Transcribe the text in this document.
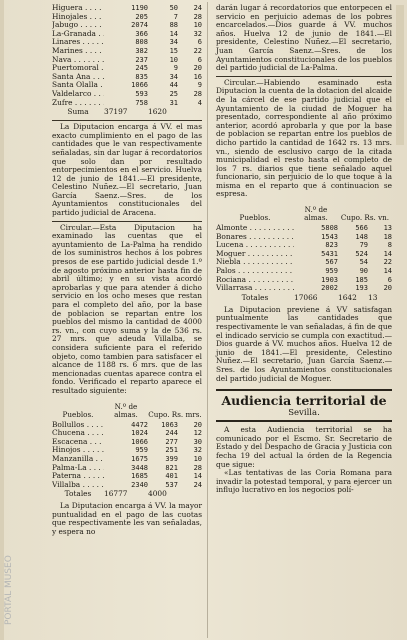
Higuera . . .	1190	50	24
Hinojales . . .	205	7	28
Jabugo . . .	2074	88	10
La-Granada . . .	366	14	32
Linares . . .	808	34	6
Marines . . .	382	15	22
Nava . . .	237	10	6
Puertomoral . . .	245	9	20
Santa Ana . . .	835	34	16
Santa Olalla . . .	1066	44	9
Valdelarco . . .	593	25	28
Zufre . . .	758	31	4
Suma	37197	1620

La Diputacion encarga á VV. el mas exacto cumplimiento en el pago de las cantidades que le van respectivamente señaladas, sin dar lugar á recordatorios que solo dan por resultado entorpecimientos en el servicio. Huelva 12 de junio de 1841.—El presidente, Celestino Nuñez.—El secretario, Juan García Saenz.—Sres. de los Ayuntamientos constitucionales del partido judicial de Aracena.

Circular.—Esta Diputacion ha examinado las cuentas que el ayuntamiento de La-Palma ha rendido de los suministros hechos á los pobres presos de ese partido judicial desde 1.º de agosto próximo anterior hasta fin de abril último; y en su vista acordó aprobarlas y que para atender á dicho servicio en los ocho meses que restan para el completo del año, por la base de poblacion se repartan entre los pueblos del mismo la cantidad de 4000 rs. vn., con cuyo suma y la de 536 rs. 27 mrs. que adeuda Villalba, se considera suficiente para el referido objeto, como tambien para satisfacer el alcance de 1188 rs. 6 mrs. que de las mencionadas cuentas aparece contra el fondo. Verificado el reparto aparece el resultado siguiente:

Pueblos.
N.º de almas.	Cupo. Rs. mrs.
Bollullos . . .	4472	1063	20
Chucena . . .	1024	244	12
Escacena . . .	1066	277	30
Hinojos . . .	959	251	32
Manzanilla . . .	1675	399	10
Palma-La . . .	3448	821	28
Paterna . . .	1685	401	14
Villalba . . .	2340	537	24
Totales	16777	4000

La Diputacion encarga á VV. la mayor puntualidad en el pago de las cuotas que respectivamente les van señaladas, y espera no

darán lugar á recordatorios que entorpecen el servicio en perjuicio ademas de los pobres encarcelados.—Dios guarde á VV. muchos años. Huelva 12 de junio de 1841.—El presidente, Celestino Nuñez.—El secretario, Juan García Saenz.—Sres. de los Ayuntamientos constitucionales de los pueblos del partido judicial de La-Palma.

Circular.—Habiendo esaminado esta Diputacion la cuenta de la dotacion del alcaide de la cárcel de ese partido judicial que el Ayuntamiento de la ciudad de Moguer ha presentado, correspondiente al año próximo anterior, acordó aprobarla y que por la base de poblacion se repartan entre los pueblos de dicho partido la cantidad de 1642 rs. 13 mrs. vn., siendo de esclusivo cargo de la citada municipalidad el resto hasta el completo de los 7 rs. diarios que tiene señalado aquel funcionario, sin perjuicio de lo que toque á la misma en el reparto que á continuacion se espresa.

Pueblos.
N.º de almas.	Cupo. Rs. vn.
Almonte . . .	5808	566	13
Bonares . . .	1543	148	18
Lucena . . .	823	79	8
Moguer . . .	5431	524	14
Niebla . . .	567	54	22
Palos . . .	959	90	14
Rociana . . .	1903	185	6
Villarrasa . . .	2002	193	20
Totales	17066	1642	13

La Diputacion previene á VV satisfagan puntualmente las cantidades que respectivamente le van señaladas, á fin de que el indicado servicio se cumpla con exactitud.—Dios guarde á VV. muchos años. Huelva 12 de junio de 1841.—El presidente, Celestino Nuñez.—El secretario, Juan García Saenz.—Sres. de los Ayuntamientos constitucionales del partido judicial de Moguer.

Audiencia territorial de
Sevilla.

A esta Audiencia territorial se ha comunicado por el Escmo. Sr. Secretario de Estado y del Despacho de Gracia y Justicia con fecha 19 del actual la órden de la Regencia que sigue:

«Las tentativas de las Coria Romana para invadir la potestad temporal, y para ejercer un influjo lucrativo en los negocios polí-

PORTAL MUSEO
